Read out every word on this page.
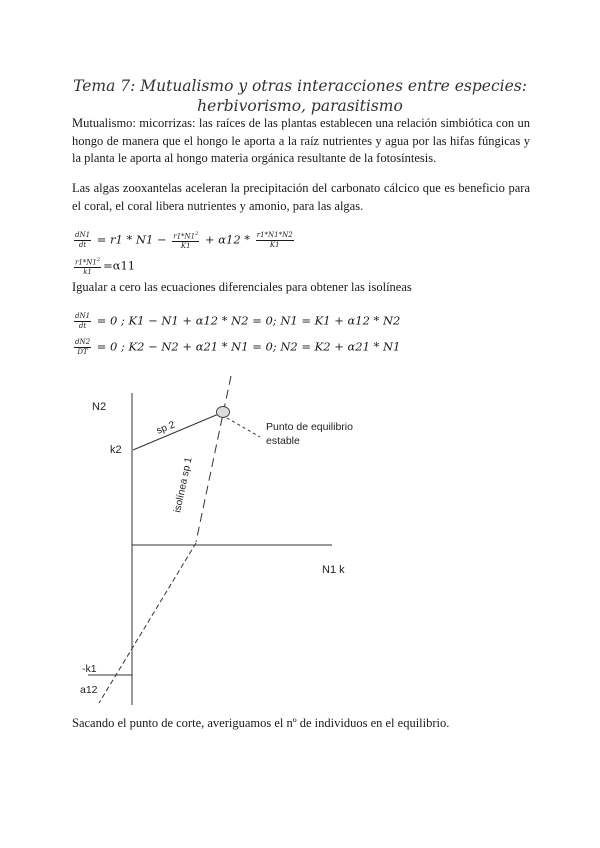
Tema 7: Mutualismo y otras interacciones entre especies:
herbivorismo, parasitismo
Mutualismo: micorrizas: las raíces de las plantas establecen una relación simbiótica con un hongo de manera que el hongo le aporta a la raíz nutrientes y agua por las hifas fúngicas y la planta le aporta al hongo materia orgánica resultante de la fotosíntesis.
Las algas zooxantelas aceleran la precipitación del carbonato cálcico que es beneficio para el coral, el coral libera nutrientes y amonio, para las algas.
$\frac{dN1}{dt} = r1 * N1 - \frac{r1*N1^2}{K1} + \alpha 12 * \frac{r1*N1*N2}{K1}$
$\frac{r1*N1^2}{k1} =\alpha 11$
Igualar a cero las ecuaciones diferenciales para obtener las isolíneas
$\frac{dN1}{dt} = 0$ ; K1 − N1 + α12 * N2 = 0; N1 = K1 + α12 * N2
$\frac{dN2}{DT} = 0$ ; K2 − N2 + α21 * N1 = 0; N2 = K2 + α21 * N1
N2
k2
N1 k
sp 2
isolínea sp 1
Punto de equilibrio
estable
-k1
a12
Sacando el punto de corte, averiguamos el nº de individuos en el equilibrio.
